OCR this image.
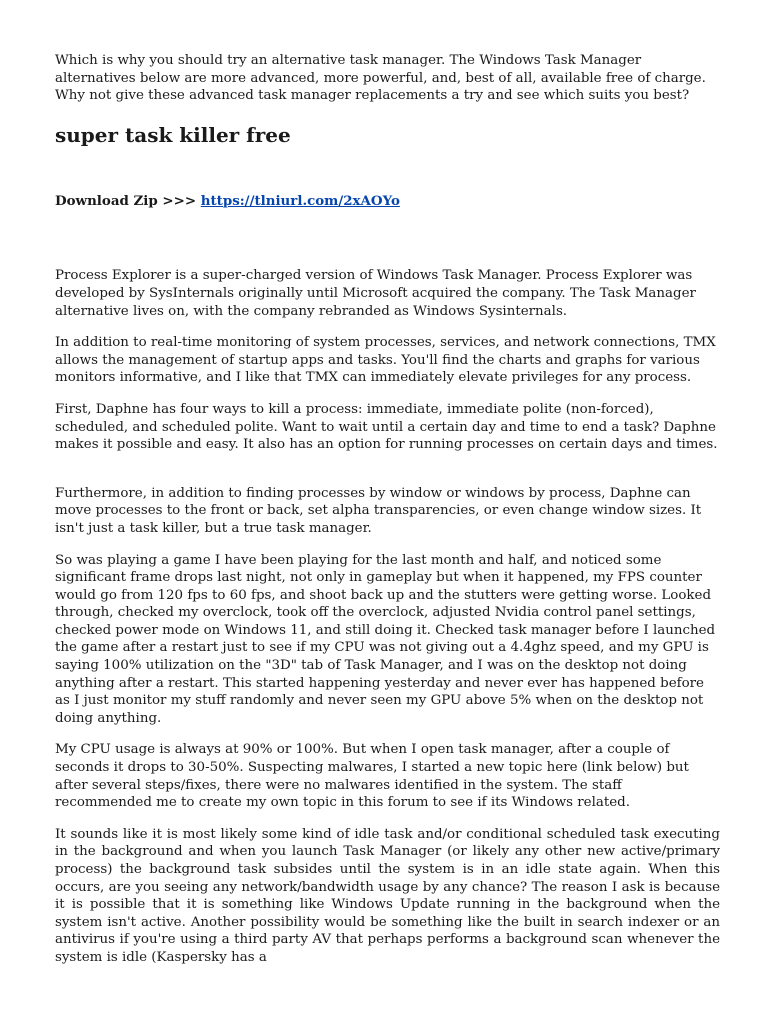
Which is why you should try an alternative task manager. The Windows Task Manager alternatives below are more advanced, more powerful, and, best of all, available free of charge. Why not give these advanced task manager replacements a try and see which suits you best?

super task killer free
Download Zip >>> https://tlniurl.com/2xAOYo

Process Explorer is a super-charged version of Windows Task Manager. Process Explorer was developed by SysInternals originally until Microsoft acquired the company. The Task Manager alternative lives on, with the company rebranded as Windows Sysinternals.

In addition to real-time monitoring of system processes, services, and network connections, TMX allows the management of startup apps and tasks. You'll find the charts and graphs for various monitors informative, and I like that TMX can immediately elevate privileges for any process.

First, Daphne has four ways to kill a process: immediate, immediate polite (non-forced), scheduled, and scheduled polite. Want to wait until a certain day and time to end a task? Daphne makes it possible and easy. It also has an option for running processes on certain days and times.

Furthermore, in addition to finding processes by window or windows by process, Daphne can move processes to the front or back, set alpha transparencies, or even change window sizes. It isn't just a task killer, but a true task manager.

So was playing a game I have been playing for the last month and half, and noticed some significant frame drops last night, not only in gameplay but when it happened, my FPS counter would go from 120 fps to 60 fps, and shoot back up and the stutters were getting worse. Looked through, checked my overclock, took off the overclock, adjusted Nvidia control panel settings, checked power mode on Windows 11, and still doing it. Checked task manager before I launched the game after a restart just to see if my CPU was not giving out a 4.4ghz speed, and my GPU is saying 100% utilization on the "3D" tab of Task Manager, and I was on the desktop not doing anything after a restart. This started happening yesterday and never ever has happened before as I just monitor my stuff randomly and never seen my GPU above 5% when on the desktop not doing anything.

My CPU usage is always at 90% or 100%. But when I open task manager, after a couple of seconds it drops to 30-50%. Suspecting malwares, I started a new topic here (link below) but after several steps/fixes, there were no malwares identified in the system. The staff recommended me to create my own topic in this forum to see if its Windows related.

It sounds like it is most likely some kind of idle task and/or conditional scheduled task executing in the background and when you launch Task Manager (or likely any other new active/primary process) the background task subsides until the system is in an idle state again. When this occurs, are you seeing any network/bandwidth usage by any chance? The reason I ask is because it is possible that it is something like Windows Update running in the background when the system isn't active. Another possibility would be something like the built in search indexer or an antivirus if you're using a third party AV that perhaps performs a background scan whenever the system is idle (Kaspersky has a
